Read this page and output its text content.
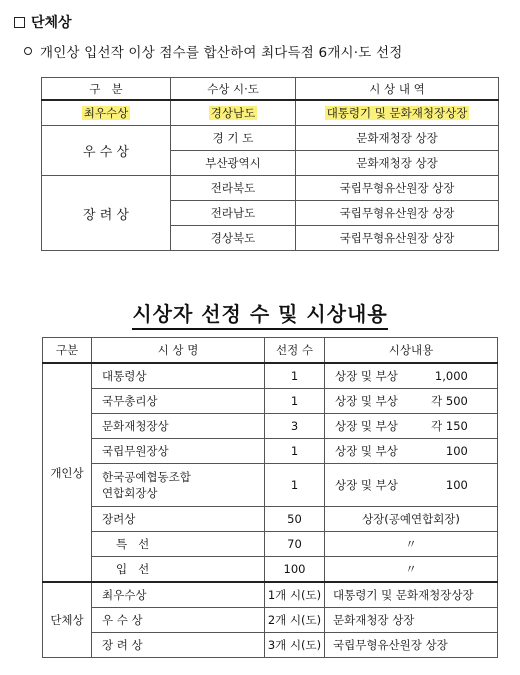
단체상
개인상 입선작 이상 점수를 합산하여 최다득점 6개시·도 선정
구   분	수상 시·도	시 상 내 역
최우수상	경상남도	대통령기 및 문화재청장상장
우 수 상	경 기 도	문화재청장 상장
	부산광역시	문화재청장 상장
장 려 상	전라북도	국립무형유산원장 상장
	전라남도	국립무형유산원장 상장
	경상북도	국립무형유산원장 상장
시상자 선정 수 및 시상내용
구분	시 상 명	선정 수	시상내용
개인상	대통령상	1	상장 및 부상 1,000
	국무총리상	1	상장 및 부상 각 500
	문화재청장상	3	상장 및 부상 각 150
	국립무원장상	1	상장 및 부상 100
	한국공예협동조합
연합회장상	1	상장 및 부상 100
	장려상	50	상장(공예연합회장)
	특   선	70	〃
	입   선	100	〃
단체상	최우수상	1개 시(도)	대통령기 및 문화재청장상장
	우 수 상	2개 시(도)	문화재청장 상장
	장 려 상	3개 시(도)	국립무형유산원장 상장
